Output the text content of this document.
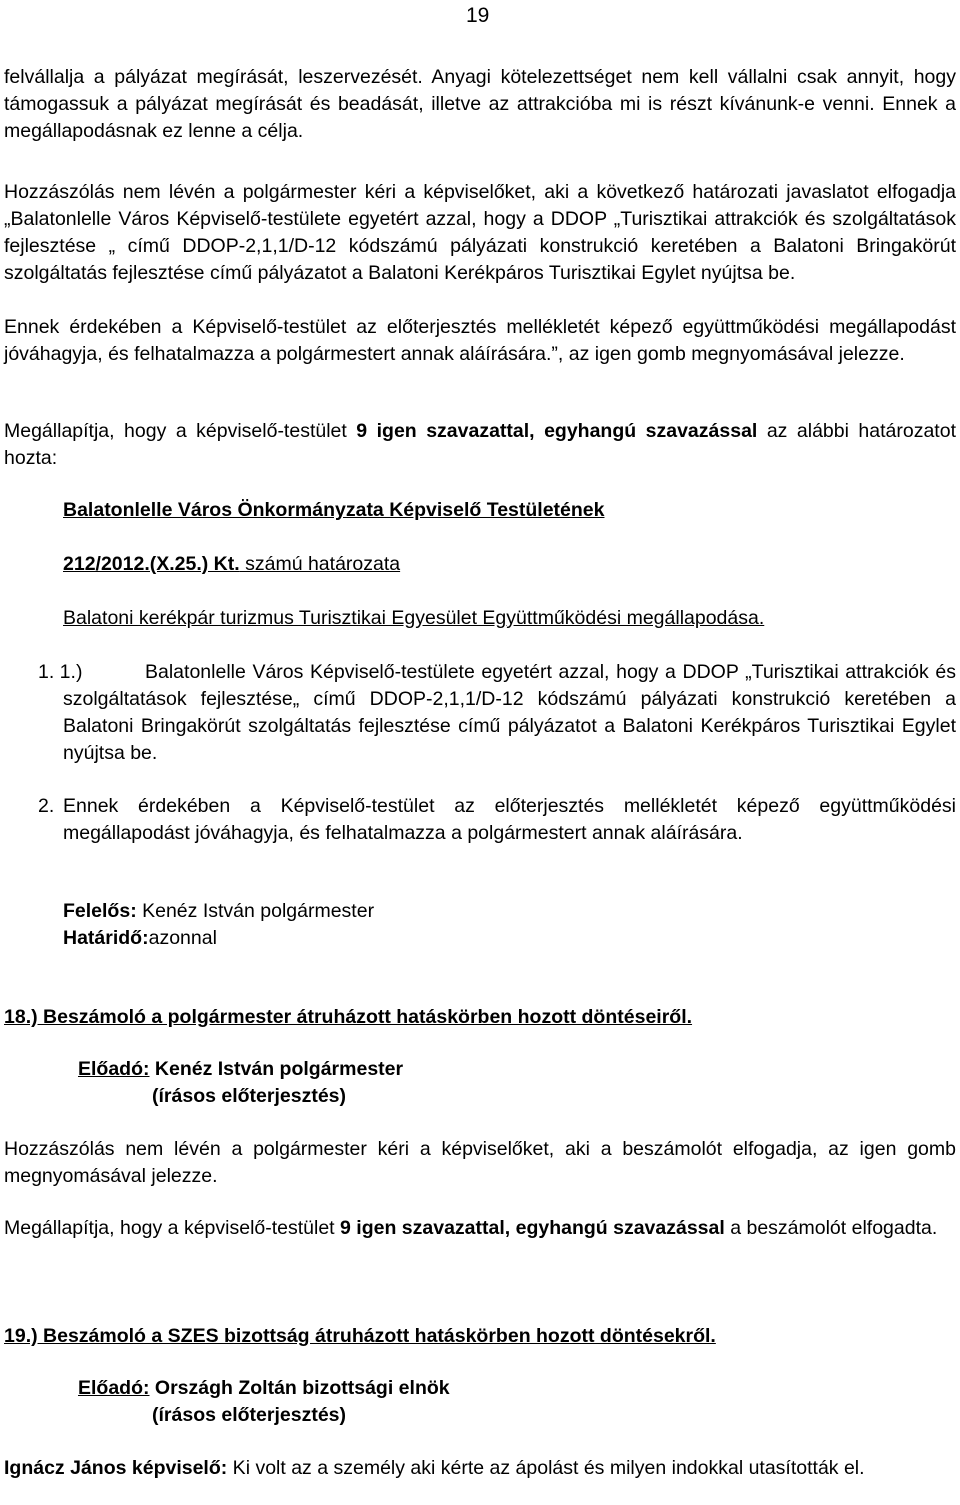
19

felvállalja a pályázat megírását, leszervezését. Anyagi kötelezettséget nem kell vállalni csak annyit, hogy támogassuk a pályázat megírását és beadását, illetve az attrakcióba mi is részt kívánunk-e venni. Ennek a megállapodásnak ez lenne a célja.

Hozzászólás nem lévén a polgármester kéri a képviselőket, aki a következő határozati javaslatot elfogadja „Balatonlelle Város Képviselő-testülete egyetért azzal, hogy a DDOP „Turisztikai attrakciók és szolgáltatások fejlesztése „ című DDOP-2,1,1/D-12 kódszámú pályázati konstrukció keretében a Balatoni Bringakörút szolgáltatás fejlesztése című pályázatot a Balatoni Kerékpáros Turisztikai Egylet nyújtsa be.

Ennek érdekében a Képviselő-testület az előterjesztés mellékletét képező együttműködési megállapodást jóváhagyja, és felhatalmazza a polgármestert annak aláírására.”, az igen gomb megnyomásával jelezze.

Megállapítja, hogy a képviselő-testület 9 igen szavazattal, egyhangú szavazással az alábbi határozatot hozta:

Balatonlelle Város Önkormányzata Képviselő Testületének

212/2012.(X.25.) Kt. számú határozata

Balatoni kerékpár turizmus Turisztikai Egyesület Együttműködési megállapodása.

1. 1.)	Balatonlelle Város Képviselő-testülete egyetért azzal, hogy a DDOP „Turisztikai attrakciók és szolgáltatások fejlesztése„ című DDOP-2,1,1/D-12 kódszámú pályázati konstrukció keretében a Balatoni Bringakörút szolgáltatás fejlesztése című pályázatot a Balatoni Kerékpáros Turisztikai Egylet nyújtsa be.

2. Ennek érdekében a Képviselő-testület az előterjesztés mellékletét képező együttműködési megállapodást jóváhagyja, és felhatalmazza a polgármestert annak aláírására.

Felelős: Kenéz István polgármester

Határidő:azonnal

18.) Beszámoló a polgármester átruházott hatáskörben hozott döntéseiről.

Előadó: Kenéz István polgármester

(írásos előterjesztés)

Hozzászólás nem lévén a polgármester kéri a képviselőket, aki a beszámolót elfogadja, az igen gomb megnyomásával jelezze.

Megállapítja, hogy a képviselő-testület 9 igen szavazattal, egyhangú szavazással a beszámolót elfogadta.

19.) Beszámoló a SZES bizottság átruházott hatáskörben hozott döntésekről.

Előadó: Országh Zoltán bizottsági elnök

(írásos előterjesztés)

Ignácz János képviselő: Ki volt az a személy aki kérte az ápolást és milyen indokkal utasították el.
